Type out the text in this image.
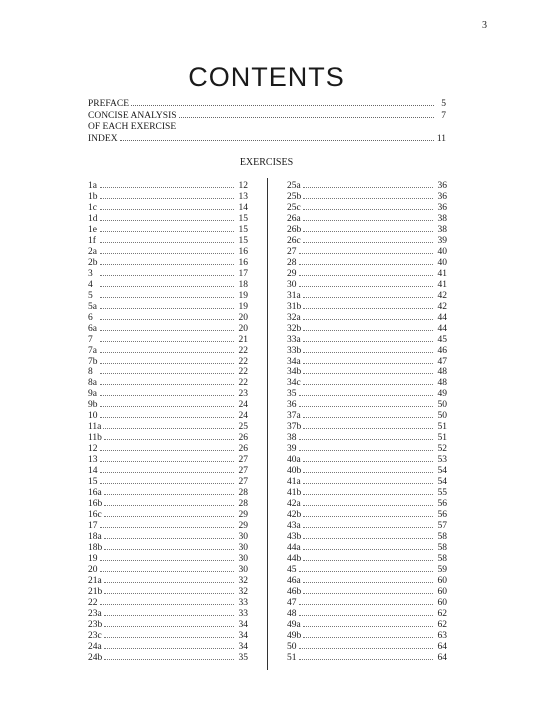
3
CONTENTS
PREFACE	5
CONCISE ANALYSIS
OF EACH EXERCISE
7
INDEX	11
EXERCISES
1a	12
1b	13
1c	14
1d	15
1e	15
1f	15
2a	16
2b	16
3	17
4	18
5	19
5a	19
6	20
6a	20
7	21
7a	22
7b	22
8	22
8a	22
9a	23
9b	24
10	24
11a	25
11b	26
12	26
13	27
14	27
15	27
16a	28
16b	28
16c	29
17	29
18a	30
18b	30
19	30
20	30
21a	32
21b	32
22	33
23a	33
23b	34
23c	34
24a	34
24b	35
25a	36
25b	36
25c	36
26a	38
26b	38
26c	39
27	40
28	40
29	41
30	41
31a	42
31b	42
32a	44
32b	44
33a	45
33b	46
34a	47
34b	48
34c	48
35	49
36	50
37a	50
37b	51
38	51
39	52
40a	53
40b	54
41a	54
41b	55
42a	56
42b	56
43a	57
43b	58
44a	58
44b	58
45	59
46a	60
46b	60
47	60
48	62
49a	62
49b	63
50	64
51	64
